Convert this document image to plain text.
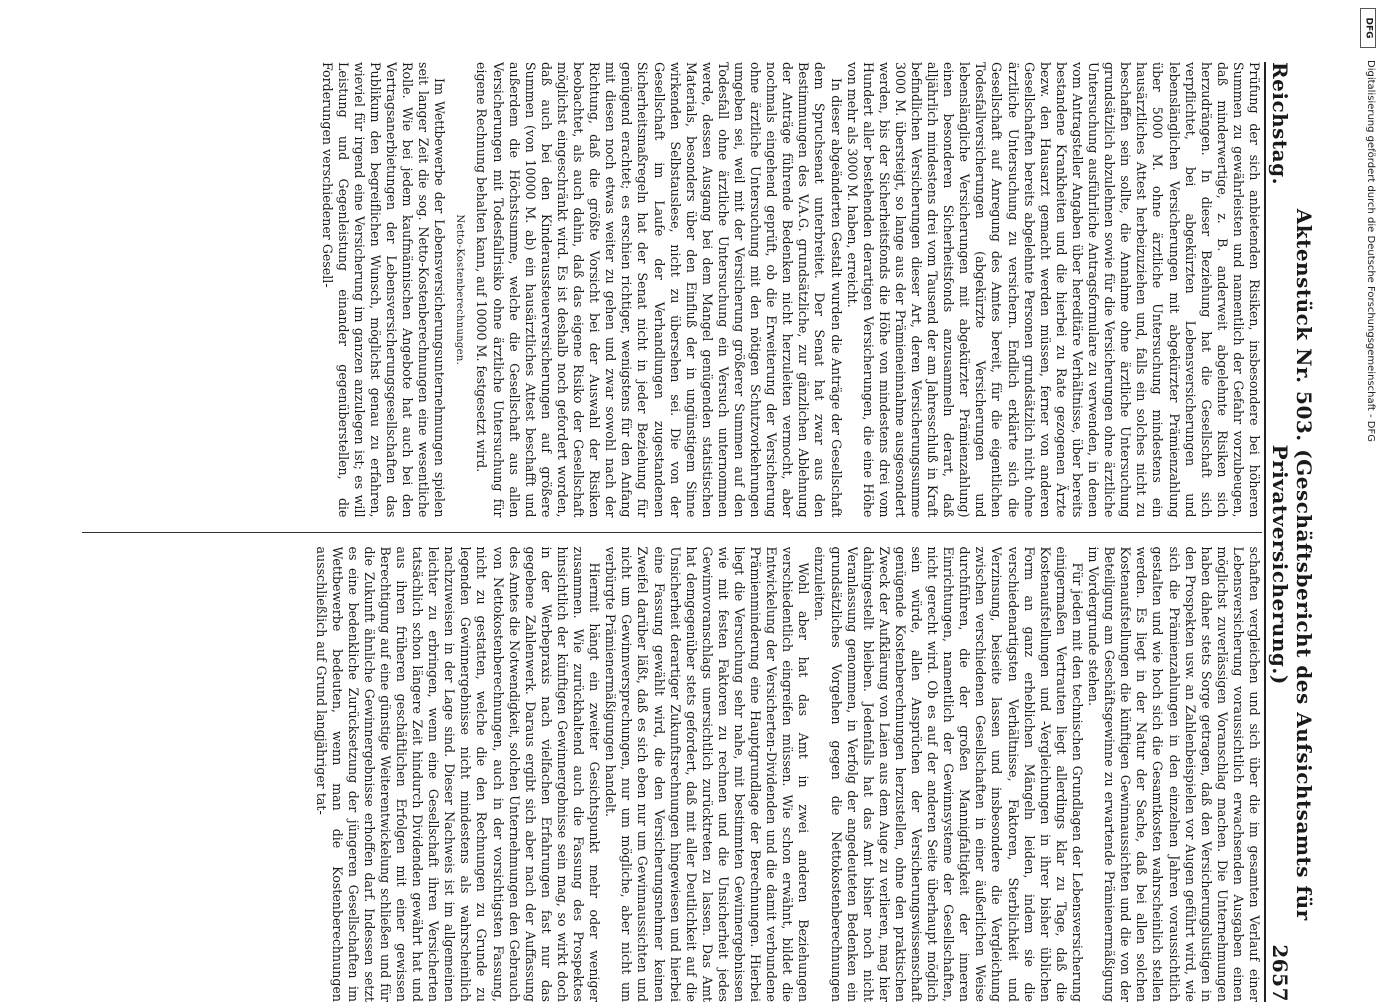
Reichstag.
Aktenstück Nr. 503. (Geschäftsbericht des Aufsichtsamts für Privatversicherung.)
2657

Prüfung der sich anbietenden Risiken, insbesondere bei höheren Summen zu gewährleisten und namentlich der Gefahr vorzubeugen, daß minderwertige, z. B. anderweit abgelehnte Risiken sich herzudrängen. In dieser Beziehung hat die Gesellschaft sich verpflichtet, bei abgekürzten Lebensversicherungen und lebenslänglichen Versicherungen mit abgekürzter Prämienzahlung über 5000 M. ohne ärztliche Untersuchung mindestens ein hausärztliches Attest herbeizuziehen und, falls ein solches nicht zu beschaffen sein sollte, die Annahme ohne ärztliche Untersuchung grundsätzlich abzulehnen sowie für die Versicherungen ohne ärztliche Untersuchung ausführliche Antragsformulare zu verwenden, in denen vom Antragsteller Angaben über hereditäre Verhältnisse, über bereits bestandene Krankheiten und die hierbei zu Rate gezogenen Ärzte bezw. den Hausarzt gemacht werden müssen, ferner von anderen Gesellschaften bereits abgelehnte Personen grundsätzlich nicht ohne ärztliche Untersuchung zu versichern. Endlich erklärte sich die Gesellschaft auf Anregung des Amtes bereit, für die eigentlichen Todesfallversicherungen (abgekürzte Versicherungen und lebenslängliche Versicherungen mit abgekürzter Prämienzahlung) einen besonderen Sicherheitsfonds anzusammeln derart, daß alljährlich mindestens drei vom Tausend der am Jahresschluß in Kraft befindlichen Versicherungen dieser Art, deren Versicherungssumme 3000 M. übersteigt, so lange aus der Prämieneinnahme ausgesondert werden, bis der Sicherheitsfonds die Höhe von mindestens drei vom Hundert aller bestehenden derartigen Versicherungen, die eine Höhe von mehr als 3000 M. haben, erreicht.

In dieser abgeänderten Gestalt wurden die Anträge der Gesellschaft dem Spruchsenat unterbreitet. Der Senat hat zwar aus den Bestimmungen des V.A.G. grundsätzliche, zur gänzlichen Ablehnung der Anträge führende Bedenken nicht herzuleiten vermocht, aber nochmals eingehend geprüft, ob die Erweiterung der Versicherung ohne ärztliche Untersuchung mit den nötigen Schutzvorkehrungen umgeben sei, weil mit der Versicherung größerer Summen auf den Todesfall ohne ärztliche Untersuchung ein Versuch unternommen werde, dessen Ausgang bei dem Mangel genügenden statistischen Materials, besonders über den Einfluß der in ungünstigem Sinne wirkenden Selbstauslese, nicht zu übersehen sei. Die von der Gesellschaft im Laufe der Verhandlungen zugestandenen Sicherheitsmaßregeln hat der Senat nicht in jeder Beziehung für genügend erachtet; es erschien richtiger, wenigstens für den Anfang mit diesen noch etwas weiter zu gehen und zwar sowohl nach der Richtung, daß die größte Vorsicht bei der Auswahl der Risiken beobachtet, als auch dahin, daß das eigene Risiko der Gesellschaft möglichst eingeschränkt wird. Es ist deshalb noch gefordert worden, daß auch bei den Kinderaussteuerversicherungen auf größere Summen (von 10000 M. ab) ein hausärztliches Attest beschafft und außerdem die Höchstsumme, welche die Gesellschaft aus allen Versicherungen mit Todesfallrisiko ohne ärztliche Untersuchung für eigene Rechnung behalten kann, auf 10000 M. festgesetzt wird.

Netto-Kostenberechnungen.

Im Wettbewerbe der Lebensversicherungsunternehmungen spielen seit langer Zeit die sog. Netto-Kostenberechnungen eine wesentliche Rolle. Wie bei jedem kaufmännischen Angebote hat auch bei den Vertragsanerbietungen der Lebensversicherungsgesellschaften das Publikum den begreiflichen Wunsch, möglichst genau zu erfahren, wieviel für irgend eine Versicherung im ganzen anzulegen ist; es will Leistung und Gegenleistung einander gegenüberstellen, die Forderungen verschiedener Gesell-

schaften vergleichen und sich über die im gesamten Verlauf einer Lebensversicherung voraussichtlich erwachsenden Ausgaben einen möglichst zuverlässigen Voranschlag machen. Die Unternehmungen haben daher stets Sorge getragen, daß den Versicherungslustigen in den Prospekten usw. an Zahlenbeispielen vor Augen geführt wird, wie sich die Prämienzahlungen in den einzelnen Jahren voraussichtlich gestalten und wie hoch sich die Gesamtkosten wahrscheinlich stellen werden. Es liegt in der Natur der Sache, daß bei allen solchen Kostenaufstellungen die künftigen Gewinnaussichten und die von der Beteiligung am Geschäftsgewinne zu erwartende Prämienermäßigung im Vordergrunde stehen.

Für jeden mit den technischen Grundlagen der Lebensversicherung einigermaßen Vertrauten liegt allerdings klar zu Tage, daß die Kostenaufstellungen und -Vergleichungen in ihrer bisher üblichen Form an ganz erheblichen Mängeln leiden, indem sie die verschiedenartigsten Verhältnisse, Faktoren, Sterblichkeit und Verzinsung, beiseite lassen und insbesondere die Vergleichung zwischen verschiedenen Gesellschaften in einer äußerlichen Weise durchführen, die der großen Mannigfaltigkeit der inneren Einrichtungen, namentlich der Gewinnsysteme der Gesellschaften, nicht gerecht wird. Ob es auf der anderen Seite überhaupt möglich sein würde, allen Ansprüchen der Versicherungswissenschaft genügende Kostenberechnungen herzustellen, ohne den praktischen Zweck der Aufklärung von Laien aus dem Auge zu verlieren, mag hier dahingestellt bleiben. Jedenfalls hat das Amt bisher noch nicht Veranlassung genommen, in Verfolg der angedeuteten Bedenken ein grundsätzliches Vorgehen gegen die Nettokostenberechnungen einzuleiten.

Wohl aber hat das Amt in zwei anderen Beziehungen verschiedentlich eingreifen müssen. Wie schon erwähnt, bildet die Entwickelung der Versicherten-Dividenden und die damit verbundene Prämienminderung eine Hauptgrundlage der Berechnungen. Hierbei liegt die Versuchung sehr nahe, mit bestimmten Gewinnergebnissen wie mit festen Faktoren zu rechnen und die Unsicherheit jedes Gewinnvoranschlags unersichtlich zurücktreten zu lassen. Das Amt hat demgegenüber stets gefordert, daß mit aller Deutlichkeit auf die Unsicherheit derartiger Zukunftsrechnungen hingewiesen und hierbei eine Fassung gewählt wird, die den Versicherungsnehmer keinen Zweifel darüber läßt, daß es sich eben nur um Gewinnaussichten und nicht um Gewinnversprechungen, nur um mögliche, aber nicht um verbürgte Prämienermäßigungen handelt.

Hiermit hängt ein zweiter Gesichtspunkt mehr oder weniger zusammen. Wie zurückhaltend auch die Fassung des Prospektes hinsichtlich der künftigen Gewinnergebnisse sein mag, so wirkt doch in der Werbepraxis nach vielfachen Erfahrungen fast nur das gegebene Zahlenwerk. Daraus ergibt sich aber nach der Auffassung des Amtes die Notwendigkeit, solchen Unternehmungen den Gebrauch von Nettokostenberechnungen, auch in der vorsichtigsten Fassung, nicht zu gestatten, welche die den Rechnungen zu Grunde zu legenden Gewinnergebnisse nicht mindestens als wahrscheinlich nachzuweisen in der Lage sind. Dieser Nachweis ist im allgemeinen leichter zu erbringen, wenn eine Gesellschaft ihren Versicherten tatsächlich schon längere Zeit hindurch Dividenden gewährt hat und aus ihren früheren geschäftlichen Erfolgen mit einer gewissen Berechtigung auf eine günstige Weiterentwickelung schließen und für die Zukunft ähnliche Gewinnergebnisse erhoffen darf. Indessen setzt es eine bedenkliche Zurücksetzung der jüngeren Gesellschaften im Wettbewerbe bedeuten, wenn man die Kostenberechnungen ausschließlich auf Grund langjähriger tat-

DFG
Digitalisierung gefördert durch die Deutsche Forschungsgemeinschaft - DFG
